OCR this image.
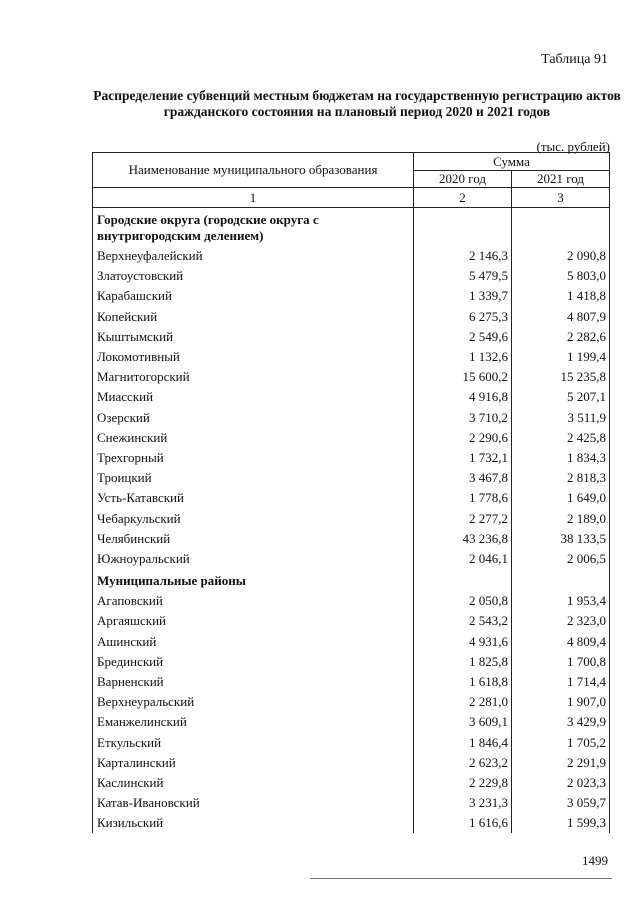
Таблица 91
Распределение субвенций местным бюджетам на государственную регистрацию актов гражданского состояния на плановый период 2020 и 2021 годов
(тыс. рублей)
Наименование муниципального образования	Сумма	
	2020 год	2021 год
1	2	3
Городские округа (городские округа с внутригородским делением)		
Верхнеуфалейский	2 146,3	2 090,8
Златоустовский	5 479,5	5 803,0
Карабашский	1 339,7	1 418,8
Копейский	6 275,3	4 807,9
Кыштымский	2 549,6	2 282,6
Локомотивный	1 132,6	1 199,4
Магнитогорский	15 600,2	15 235,8
Миасский	4 916,8	5 207,1
Озерский	3 710,2	3 511,9
Снежинский	2 290,6	2 425,8
Трехгорный	1 732,1	1 834,3
Троицкий	3 467,8	2 818,3
Усть-Катавский	1 778,6	1 649,0
Чебаркульский	2 277,2	2 189,0
Челябинский	43 236,8	38 133,5
Южноуральский	2 046,1	2 006,5
Муниципальные районы		
Агаповский	2 050,8	1 953,4
Аргаяшский	2 543,2	2 323,0
Ашинский	4 931,6	4 809,4
Брединский	1 825,8	1 700,8
Варненский	1 618,8	1 714,4
Верхнеуральский	2 281,0	1 907,0
Еманжелинский	3 609,1	3 429,9
Еткульский	1 846,4	1 705,2
Карталинский	2 623,2	2 291,9
Каслинский	2 229,8	2 023,3
Катав-Ивановский	3 231,3	3 059,7
Кизильский	1 616,6	1 599,3
1499
